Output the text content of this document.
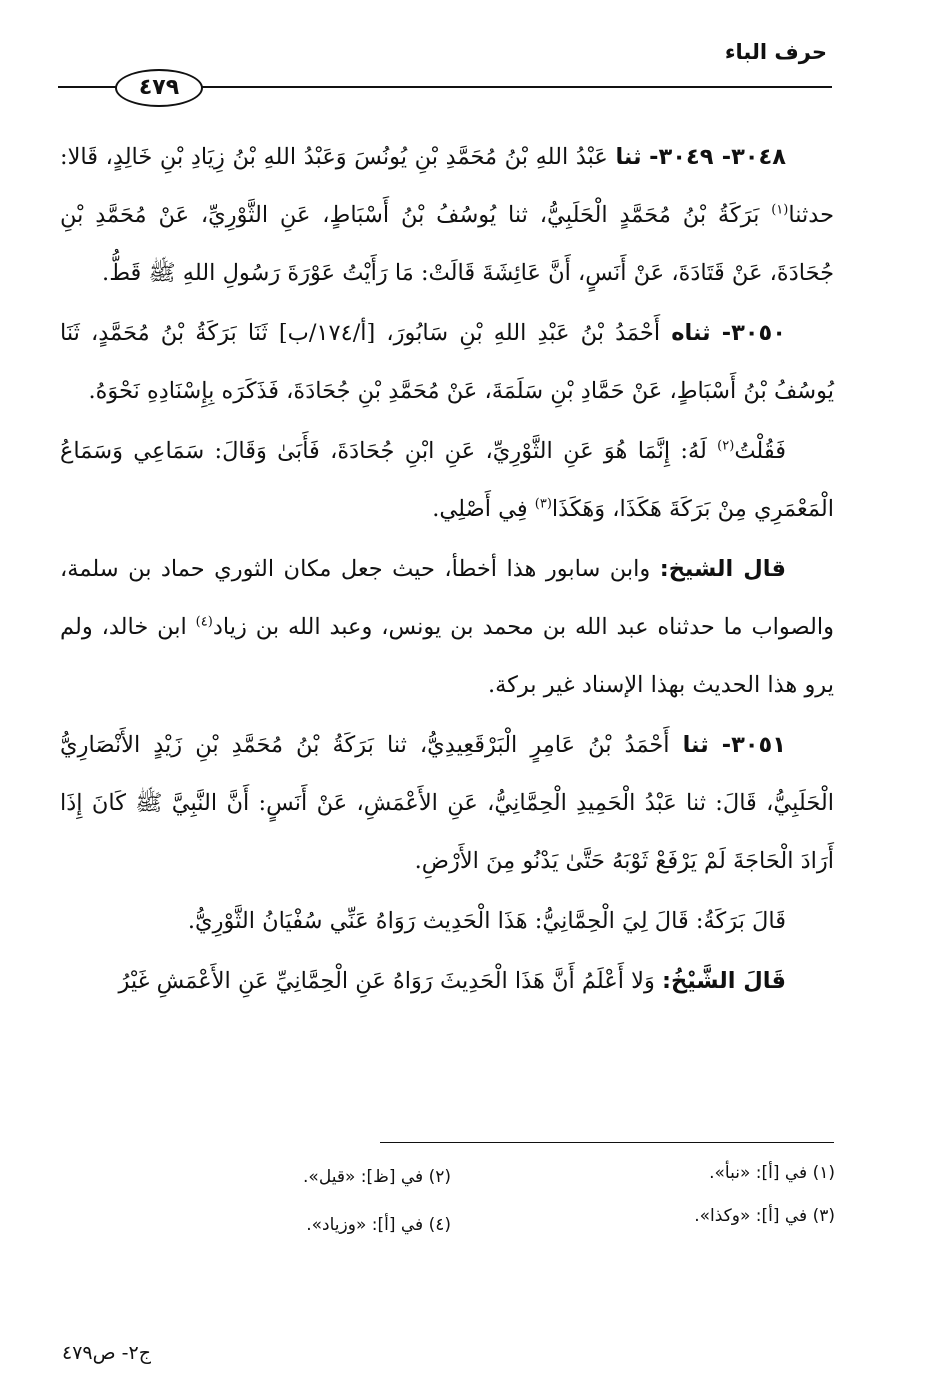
حرف الباء
٤٧٩

٣٠٤٨- ٣٠٤٩- ثنا عَبْدُ اللهِ بْنُ مُحَمَّدِ بْنِ يُونُسَ وَعَبْدُ اللهِ بْنُ زِيَادِ بْنِ خَالِدٍ، قَالا: حدثنا$^{(١)}$ بَرَكَةُ بْنُ مُحَمَّدٍ الْحَلَبِيُّ، ثنا يُوسُفُ بْنُ أَسْبَاطٍ، عَنِ الثَّوْرِيِّ، عَنْ مُحَمَّدِ بْنِ جُحَادَةَ، عَنْ قَتَادَةَ، عَنْ أَنَسٍ، أَنَّ عَائِشَةَ قَالَتْ: مَا رَأَيْتُ عَوْرَةَ رَسُولِ اللهِ ﷺ قَطُّ.

٣٠٥٠- ثناه أَحْمَدُ بْنُ عَبْدِ اللهِ بْنِ سَابُورَ، [أ/١٧٤/ب] ثَنَا بَرَكَةُ بْنُ مُحَمَّدٍ، ثَنَا يُوسُفُ بْنُ أَسْبَاطٍ، عَنْ حَمَّادِ بْنِ سَلَمَةَ، عَنْ مُحَمَّدِ بْنِ جُحَادَةَ، فَذَكَرَه بِإِسْنَادِهِ نَحْوَهُ.

فَقُلْتُ$^{(٢)}$ لَهُ: إِنَّمَا هُوَ عَنِ الثَّوْرِيِّ، عَنِ ابْنِ جُحَادَةَ، فَأَبَىٰ وَقَالَ: سَمَاعِي وَسَمَاعُ الْمَعْمَرِي مِنْ بَرَكَةَ هَكَذَا، وَهَكَذَا$^{(٣)}$ فِي أَصْلِي.

قال الشيخ: وابن سابور هذا أخطأ، حيث جعل مكان الثوري حماد بن سلمة، والصواب ما حدثناه عبد الله بن محمد بن يونس، وعبد الله بن زياد$^{(٤)}$ ابن خالد، ولم يرو هذا الحديث بهذا الإسناد غير بركة.

٣٠٥١- ثنا أَحْمَدُ بْنُ عَامِرٍ الْبَرْقَعِيدِيُّ، ثنا بَرَكَةُ بْنُ مُحَمَّدِ بْنِ زَيْدٍ الأَنْصَارِيُّ الْحَلَبِيُّ، قَالَ: ثنا عَبْدُ الْحَمِيدِ الْحِمَّانِيُّ، عَنِ الأَعْمَشِ، عَنْ أَنَسٍ: أَنَّ النَّبِيَّ ﷺ كَانَ إِذَا أَرَادَ الْحَاجَةَ لَمْ يَرْفَعْ ثَوْبَهُ حَتَّىٰ يَدْنُو مِنَ الأَرْضِ.

قَالَ بَرَكَةُ: قَالَ لِيَ الْحِمَّانِيُّ: هَذَا الْحَدِيث رَوَاهُ عَنِّي سُفْيَانُ الثَّوْرِيُّ.

قَالَ الشَّيْخُ: وَلا أَعْلَمُ أَنَّ هَذَا الْحَدِيثَ رَوَاهُ عَنِ الْحِمَّانِيِّ عَنِ الأَعْمَشِ غَيْرُ

(١) في [أ]: «نبأ».
(٢) في [ظ]: «قيل».
(٣) في [أ]: «وكذا».
(٤) في [أ]: «وزياد».
ج٢- ص٤٧٩
